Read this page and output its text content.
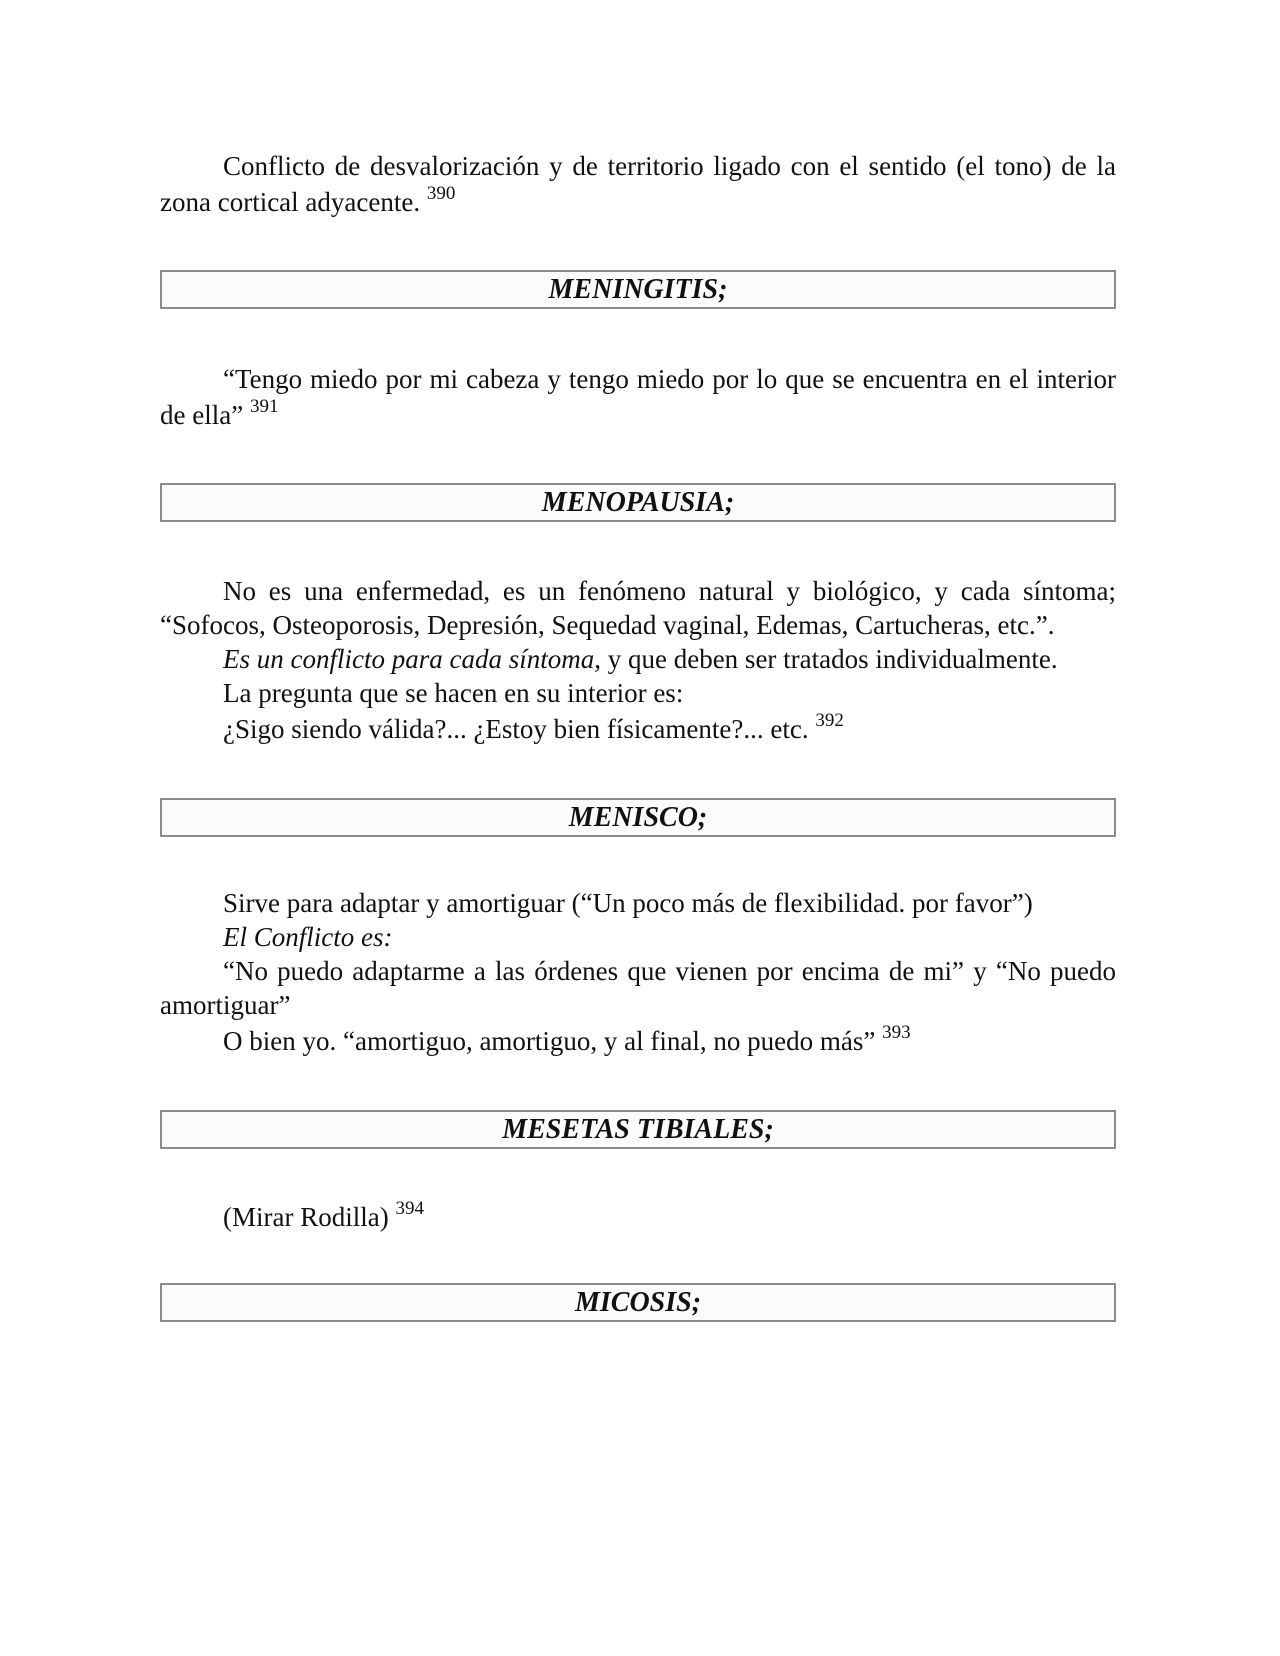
Conflicto de desvalorización y de territorio ligado con el sentido (el tono) de la zona cortical adyacente. $^{390}$

MENINGITIS;

“Tengo miedo por mi cabeza y tengo miedo por lo que se encuentra en el interior de ella” $^{391}$

MENOPAUSIA;

No es una enfermedad, es un fenómeno natural y biológico, y cada síntoma; “Sofocos, Osteoporosis, Depresión, Sequedad vaginal, Edemas, Cartucheras, etc.”.

Es un conflicto para cada síntoma, y que deben ser tratados individualmente.

La pregunta que se hacen en su interior es:

¿Sigo siendo válida?... ¿Estoy bien físicamente?... etc. $^{392}$

MENISCO;

Sirve para adaptar y amortiguar (“Un poco más de flexibilidad. por favor”)

El Conflicto es:

“No puedo adaptarme a las órdenes que vienen por encima de mi” y “No puedo amortiguar”

O bien yo. “amortiguo, amortiguo, y al final, no puedo más” $^{393}$

MESETAS TIBIALES;

(Mirar Rodilla) $^{394}$

MICOSIS;
